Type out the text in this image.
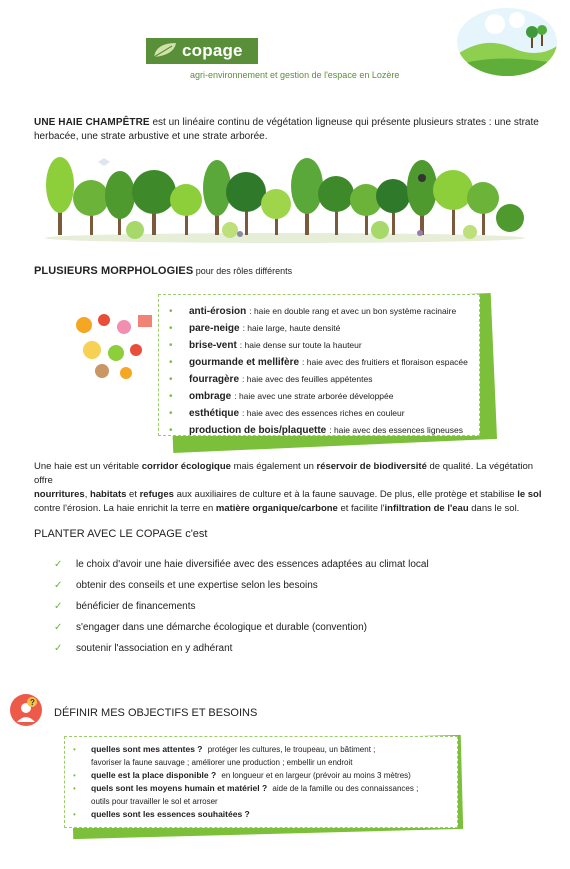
copage
agri-environnement et gestion de l'espace en Lozère
UNE HAIE CHAMPÊTRE est un linéaire continu de végétation ligneuse qui présente plusieurs strates : une strate
herbacée, une strate arbustive et une strate arborée.
PLUSIEURS MORPHOLOGIES pour des rôles différents
•	anti-érosion : haie en double rang et avec un bon système racinaire
•	pare-neige : haie large, haute densité
•	brise-vent : haie dense sur toute la hauteur
•	gourmande et mellifère : haie avec des fruitiers et floraison espacée
•	fourragère : haie avec des feuilles appétentes
•	ombrage : haie avec une strate arborée développée
•	esthétique : haie avec des essences riches en couleur
•	production de bois/plaquette : haie avec des essences ligneuses
Une haie est un véritable corridor écologique mais également un réservoir de biodiversité de qualité. La végétation offre
nourritures, habitats et refuges aux auxiliaires de culture et à la faune sauvage. De plus, elle protège et stabilise le sol
contre l'érosion. La haie enrichit la terre en matière organique/carbone et facilite l'infiltration de l'eau dans le sol.
PLANTER AVEC LE COPAGE c'est
✓	le choix d'avoir une haie diversifiée avec des essences adaptées au climat local
✓	obtenir des conseils et une expertise selon les besoins
✓	bénéficier de financements
✓	s'engager dans une démarche écologique et durable (convention)
✓	soutenir l'association en y adhérant
?
DÉFINIR MES OBJECTIFS ET BESOINS
•	quelles sont mes attentes ? protéger les cultures, le troupeau, un bâtiment ;
favoriser la faune sauvage ; améliorer une production ; embellir un endroit
•	quelle est la place disponible ? en longueur et en largeur (prévoir au moins 3 mètres)
•	quels sont les moyens humain et matériel ? aide de la famille ou des connaissances ;
outils pour travailler le sol et arroser
•	quelles sont les essences souhaitées ?
